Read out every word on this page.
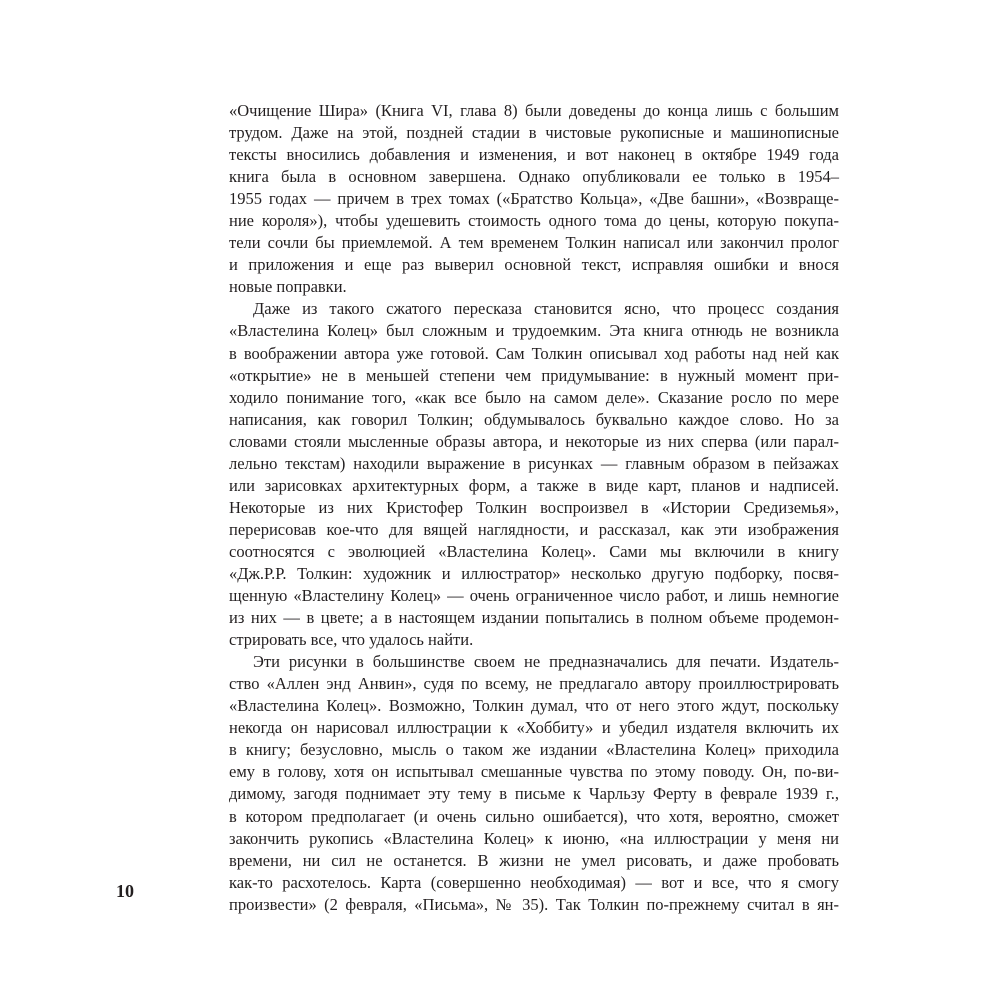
«Очищение Шира» (Книга VI, глава 8) были доведены до конца лишь с большим
трудом. Даже на этой, поздней стадии в чистовые рукописные и машинописные
тексты вносились добавления и изменения, и вот наконец в октябре 1949 года
книга была в основном завершена. Однако опубликовали ее только в 1954–
1955 годах — причем в трех томах («Братство Кольца», «Две башни», «Возвраще-
ние короля»), чтобы удешевить стоимость одного тома до цены, которую покупа-
тели сочли бы приемлемой. А тем временем Толкин написал или закончил пролог
и приложения и еще раз выверил основной текст, исправляя ошибки и внося
новые поправки.
Даже из такого сжатого пересказа становится ясно, что процесс создания
«Властелина Колец» был сложным и трудоемким. Эта книга отнюдь не возникла
в воображении автора уже готовой. Сам Толкин описывал ход работы над ней как
«открытие» не в меньшей степени чем придумывание: в нужный момент при-
ходило понимание того, «как все было на самом деле». Сказание росло по мере
написания, как говорил Толкин; обдумывалось буквально каждое слово. Но за
словами стояли мысленные образы автора, и некоторые из них сперва (или парал-
лельно текстам) находили выражение в рисунках — главным образом в пейзажах
или зарисовках архитектурных форм, а также в виде карт, планов и надписей.
Некоторые из них Кристофер Толкин воспроизвел в «Истории Средиземья»,
перерисовав кое-что для вящей наглядности, и рассказал, как эти изображения
соотносятся с эволюцией «Властелина Колец». Сами мы включили в книгу
«Дж.Р.Р. Толкин: художник и иллюстратор» несколько другую подборку, посвя-
щенную «Властелину Колец» — очень ограниченное число работ, и лишь немногие
из них — в цвете; а в настоящем издании попытались в полном объеме продемон-
стрировать все, что удалось найти.
Эти рисунки в большинстве своем не предназначались для печати. Издатель-
ство «Аллен энд Анвин», судя по всему, не предлагало автору проиллюстрировать
«Властелина Колец». Возможно, Толкин думал, что от него этого ждут, поскольку
некогда он нарисовал иллюстрации к «Хоббиту» и убедил издателя включить их
в книгу; безусловно, мысль о таком же издании «Властелина Колец» приходила
ему в голову, хотя он испытывал смешанные чувства по этому поводу. Он, по-ви-
димому, загодя поднимает эту тему в письме к Чарльзу Ферту в феврале 1939 г.,
в котором предполагает (и очень сильно ошибается), что хотя, вероятно, сможет
закончить рукопись «Властелина Колец» к июню, «на иллюстрации у меня ни
времени, ни сил не останется. В жизни не умел рисовать, и даже пробовать
как-то расхотелось. Карта (совершенно необходимая) — вот и все, что я смогу
произвести» (2 февраля, «Письма», № 35). Так Толкин по-прежнему считал в ян-
10
